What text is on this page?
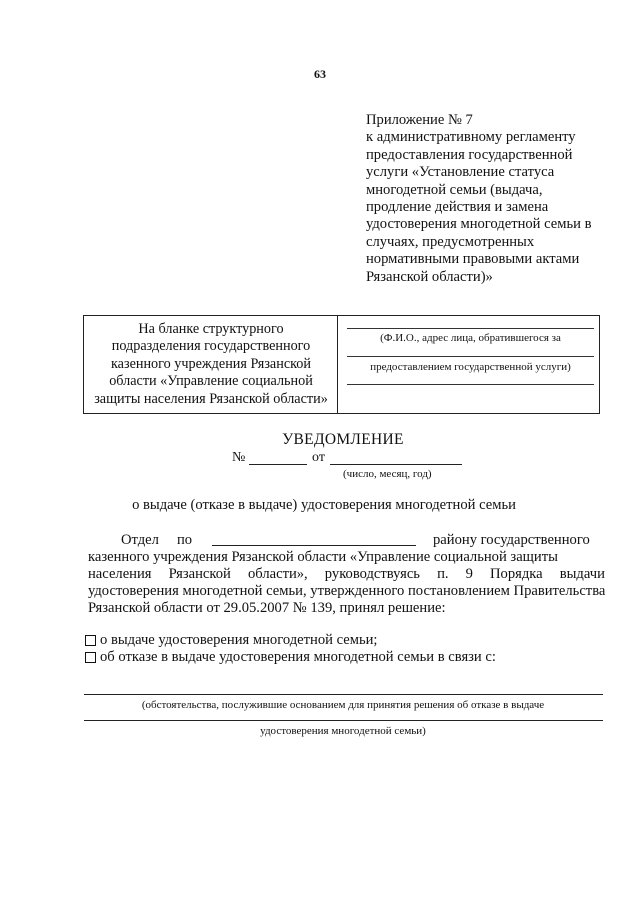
63
Приложение № 7
к административному регламенту
предоставления государственной
услуги «Установление статуса
многодетной семьи (выдача,
продление действия и замена
удостоверения многодетной семьи в
случаях, предусмотренных
нормативными правовыми актами
Рязанской области)»
На бланке структурного
подразделения государственного
казенного учреждения Рязанской
области «Управление социальной
защиты населения Рязанской области»
(Ф.И.О., адрес лица, обратившегося за
предоставлением государственной услуги)
УВЕДОМЛЕНИЕ
№	от
(число, месяц, год)
о выдаче (отказе в выдаче) удостоверения многодетной семьи
Отдел по	району государственного
казенного учреждения Рязанской области «Управление социальной защиты
населения Рязанской области», руководствуясь п. 9 Порядка выдачи
удостоверения многодетной семьи, утвержденного постановлением Правительства
Рязанской области от 29.05.2007 № 139, принял решение:
о выдаче удостоверения многодетной семьи;
об отказе в выдаче удостоверения многодетной семьи в связи с:
(обстоятельства, послужившие основанием для принятия решения об отказе в выдаче
удостоверения многодетной семьи)
